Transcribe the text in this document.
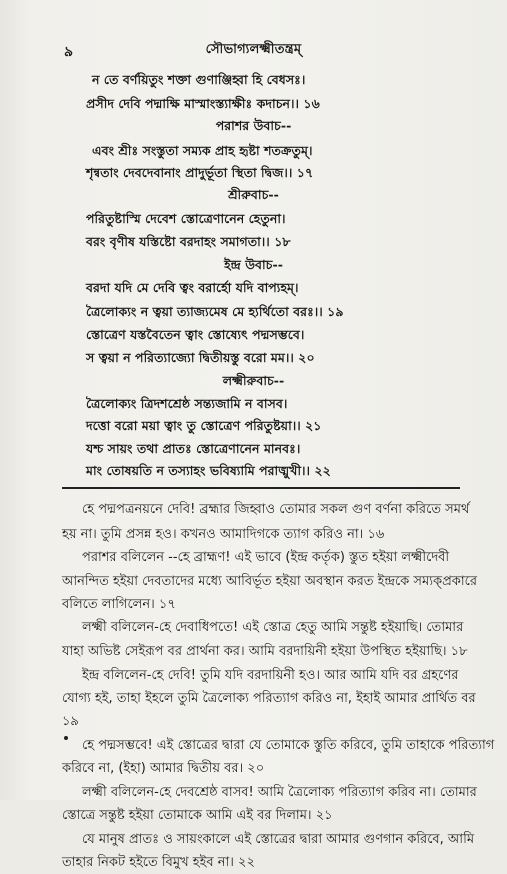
৯	সৌভাগ্যলক্ষ্মীতন্ত্রম্
ন তে বর্ণয়িতুং শক্তা গুণাঞ্জিহ্বা হি বেধসঃ।
প্রসীদ দেবি পদ্মাক্ষি মাস্মাংস্ত্যাক্ষীঃ কদাচন।। ১৬
পরাশর উবাচ--
এবং শ্রীঃ সংস্তুতা সম্যক প্রাহ হৃষ্টা শতক্রতুম্।
শৃন্বতাং দেবদেবানাং প্রাদুর্ভূতা স্থিতা দ্বিজ।। ১৭
শ্রীরুবাচ--
পরিতুষ্টাস্মি দেবেশ স্তোত্রেণানেন হেতুনা।
বরং বৃণীষ যস্তিষ্টো বরদাহং সমাগতা।। ১৮
ইন্দ্র উবাচ--
বরদা যদি মে দেবি ত্বং বরার্হো যদি বাপ্যহম্।
ত্রৈলোক্যং ন ত্বয়া ত্যাজ্যমেষ মে হ্যর্থিতো বরঃ।। ১৯
স্তোত্রেণ যস্তবৈতেন ত্বাং স্তোষ্যেৎ পদ্মসম্ভবে।
স ত্বয়া ন পরিত্যাজ্যো দ্বিতীয়স্তু বরো মম।। ২০
লক্ষ্মীরুবাচ--
ত্রৈলোক্যং ত্রিদশশ্রেষ্ঠ সন্ত্যজামি ন বাসব।
দত্তো বরো ময়া ত্বাং তু স্তোত্রেণ পরিতুষ্টয়া।। ২১
যশ্চ সায়ং তথা প্রাতঃ স্তোত্রেণানেন মানবঃ।
মাং তোষয়তি ন তস্যাহং ভবিষ্যামি পরাঙ্মুখী।। ২২
হে পদ্মপত্রনয়নে দেবি! ব্রহ্মার জিহ্বাও তোমার সকল গুণ বর্ণনা করিতে সমর্থ
হয় না। তুমি প্রসন্ন হও। কখনও আমাদিগকে ত্যাগ করিও না। ১৬
পরাশর বলিলেন --হে ব্রাহ্মণ! এই ভাবে (ইন্দ্র কর্তৃক) স্তুত হইয়া লক্ষ্মীদেবী
আনন্দিত হইয়া দেবতাদের মধ্যে আবির্ভূত হইয়া অবস্থান করত ইন্দ্রকে সম্যক্‌প্রকারে
বলিতে লাগিলেন। ১৭
লক্ষ্মী বলিলেন-হে দেবাধিপতে! এই স্তোত্র হেতু আমি সন্তুষ্ট হইয়াছি। তোমার
যাহা অভিষ্ট সেইরূপ বর প্রার্থনা কর। আমি বরদায়িনী হইয়া উপস্থিত হইয়াছি। ১৮
ইন্দ্র বলিলেন-হে দেবি! তুমি যদি বরদায়িনী হও। আর আমি যদি বর গ্রহণের
যোগ্য হই, তাহা ইহলে তুমি ত্রৈলোক্য পরিত্যাগ করিও না, ইহাই আমার প্রার্থিত বর
১৯
হে পদ্মসম্ভবে! এই স্তোত্রের দ্বারা যে তোমাকে স্তুতি করিবে, তুমি তাহাকে পরিত্যাগ
করিবে না, (ইহা) আমার দ্বিতীয় বর। ২০
লক্ষ্মী বলিলেন-হে দেবশ্রেষ্ঠ বাসব! আমি ত্রৈলোক্য পরিত্যাগ করিব না। তোমার
স্তোত্রে সন্তুষ্ট হইয়া তোমাকে আমি এই বর দিলাম। ২১
যে মানুষ প্রাতঃ ও সায়ংকালে এই স্তোত্রের দ্বারা আমার গুণগান করিবে, আমি
তাহার নিকট হইতে বিমুখ হইব না। ২২
